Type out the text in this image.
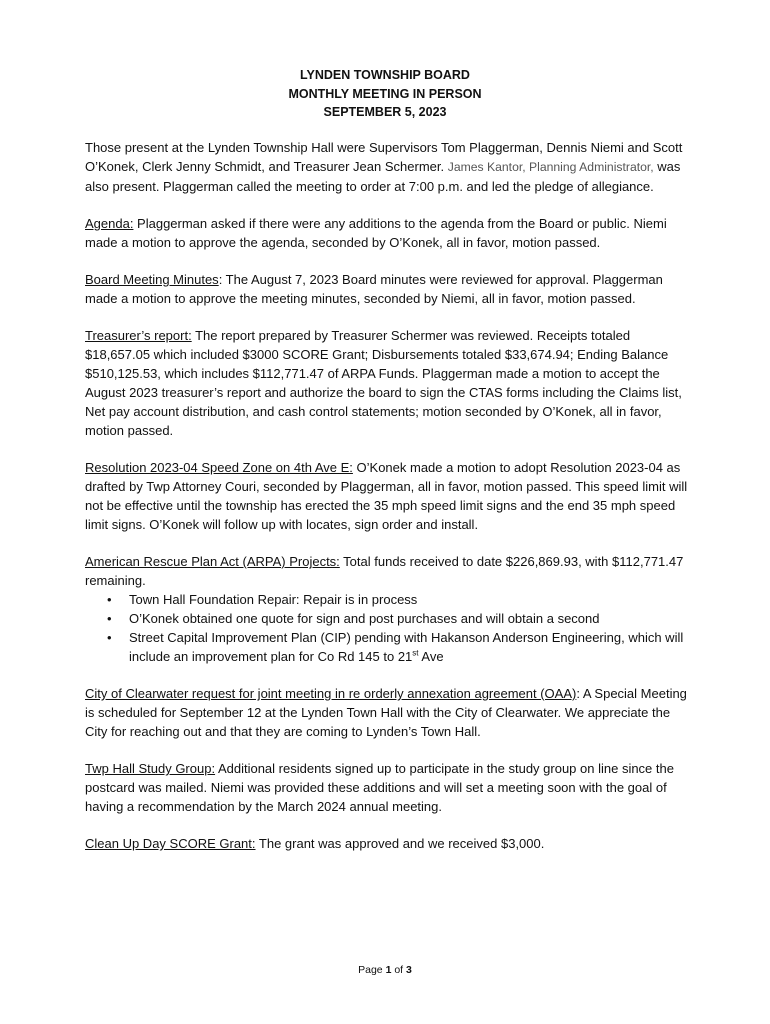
LYNDEN TOWNSHIP BOARD
MONTHLY MEETING IN PERSON
SEPTEMBER 5, 2023

Those present at the Lynden Township Hall were Supervisors Tom Plaggerman, Dennis Niemi and Scott O’Konek, Clerk Jenny Schmidt, and Treasurer Jean Schermer. James Kantor, Planning Administrator, was also present. Plaggerman called the meeting to order at 7:00 p.m. and led the pledge of allegiance.

Agenda: Plaggerman asked if there were any additions to the agenda from the Board or public. Niemi made a motion to approve the agenda, seconded by O’Konek, all in favor, motion passed.

Board Meeting Minutes: The August 7, 2023 Board minutes were reviewed for approval. Plaggerman made a motion to approve the meeting minutes, seconded by Niemi, all in favor, motion passed.

Treasurer’s report: The report prepared by Treasurer Schermer was reviewed. Receipts totaled $18,657.05 which included $3000 SCORE Grant; Disbursements totaled $33,674.94; Ending Balance $510,125.53, which includes $112,771.47 of ARPA Funds. Plaggerman made a motion to accept the August 2023 treasurer’s report and authorize the board to sign the CTAS forms including the Claims list, Net pay account distribution, and cash control statements; motion seconded by O’Konek, all in favor, motion passed.

Resolution 2023-04 Speed Zone on 4th Ave E: O’Konek made a motion to adopt Resolution 2023-04 as drafted by Twp Attorney Couri, seconded by Plaggerman, all in favor, motion passed. This speed limit will not be effective until the township has erected the 35 mph speed limit signs and the end 35 mph speed limit signs. O’Konek will follow up with locates, sign order and install.

American Rescue Plan Act (ARPA) Projects: Total funds received to date $226,869.93, with $112,771.47 remaining.

• Town Hall Foundation Repair: Repair is in process
• O’Konek obtained one quote for sign and post purchases and will obtain a second
• Street Capital Improvement Plan (CIP) pending with Hakanson Anderson Engineering, which will include an improvement plan for Co Rd 145 to 21st Ave

City of Clearwater request for joint meeting in re orderly annexation agreement (OAA): A Special Meeting is scheduled for September 12 at the Lynden Town Hall with the City of Clearwater. We appreciate the City for reaching out and that they are coming to Lynden’s Town Hall.

Twp Hall Study Group: Additional residents signed up to participate in the study group on line since the postcard was mailed. Niemi was provided these additions and will set a meeting soon with the goal of having a recommendation by the March 2024 annual meeting.

Clean Up Day SCORE Grant: The grant was approved and we received $3,000.

Page 1 of 3
